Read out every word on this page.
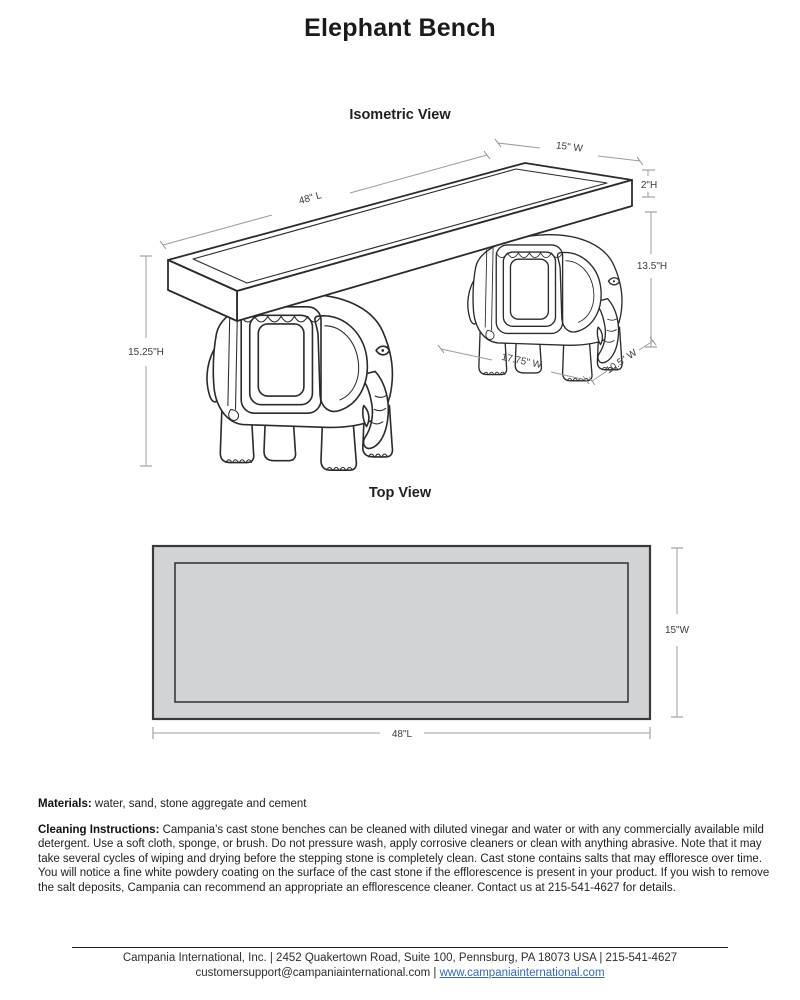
Elephant Bench
Isometric View
48" L
15" W
2"H
13.5"H
15.25"H	17.75" W	10.5" W
Top View
15"W
48"L
Materials: water, sand, stone aggregate and cement
Cleaning Instructions: Campania’s cast stone benches can be cleaned with diluted vinegar and water or with any commercially available mild detergent. Use a soft cloth, sponge, or brush. Do not pressure wash, apply corrosive cleaners or clean with anything abrasive. Note that it may take several cycles of wiping and drying before the stepping stone is completely clean. Cast stone contains salts that may effloresce over time. You will notice a fine white powdery coating on the surface of the cast stone if the efflorescence is present in your product. If you wish to remove the salt deposits, Campania can recommend an appropriate an efflorescence cleaner. Contact us at 215-541-4627 for details.
Campania International, Inc. | 2452 Quakertown Road, Suite 100, Pennsburg, PA 18073 USA | 215-541-4627
customersupport@campaniainternational.com | www.campaniainternational.com
